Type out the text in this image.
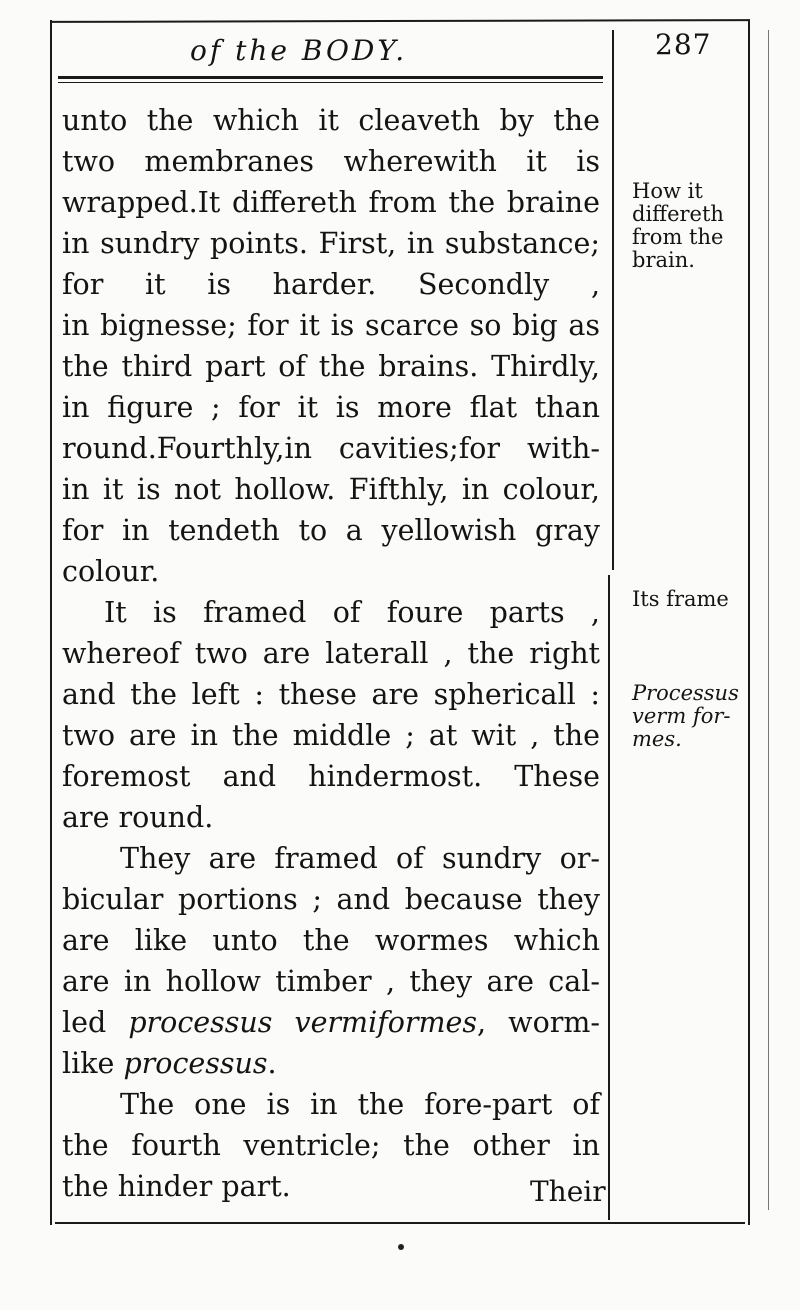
of the BODY.	287
unto the which it cleaveth by the
two membranes wherewith it is
wrapped.It differeth from the braine
in sundry points. First, in substance;
for it is harder. Secondly ,
in bignesse; for it is scarce so big as
the third part of the brains. Thirdly,
in figure ; for it is more flat than
round.Fourthly,in cavities;for with-
in it is not hollow. Fifthly, in colour,
for in tendeth to a yellowish gray
colour.
It is framed of foure parts ,
whereof two are laterall , the right
and the left : these are sphericall :
two are in the middle ; at wit , the
foremost and hindermost. These
are round.
They are framed of sundry or-
bicular portions ; and because they
are like unto the wormes which
are in hollow timber , they are cal-
led processus vermiformes, worm-
like processus.
The one is in the fore-part of
the fourth ventricle; the other in
the hinder part.	Their
How it differeth from the brain.
Its frame
Processus verm for-mes.
